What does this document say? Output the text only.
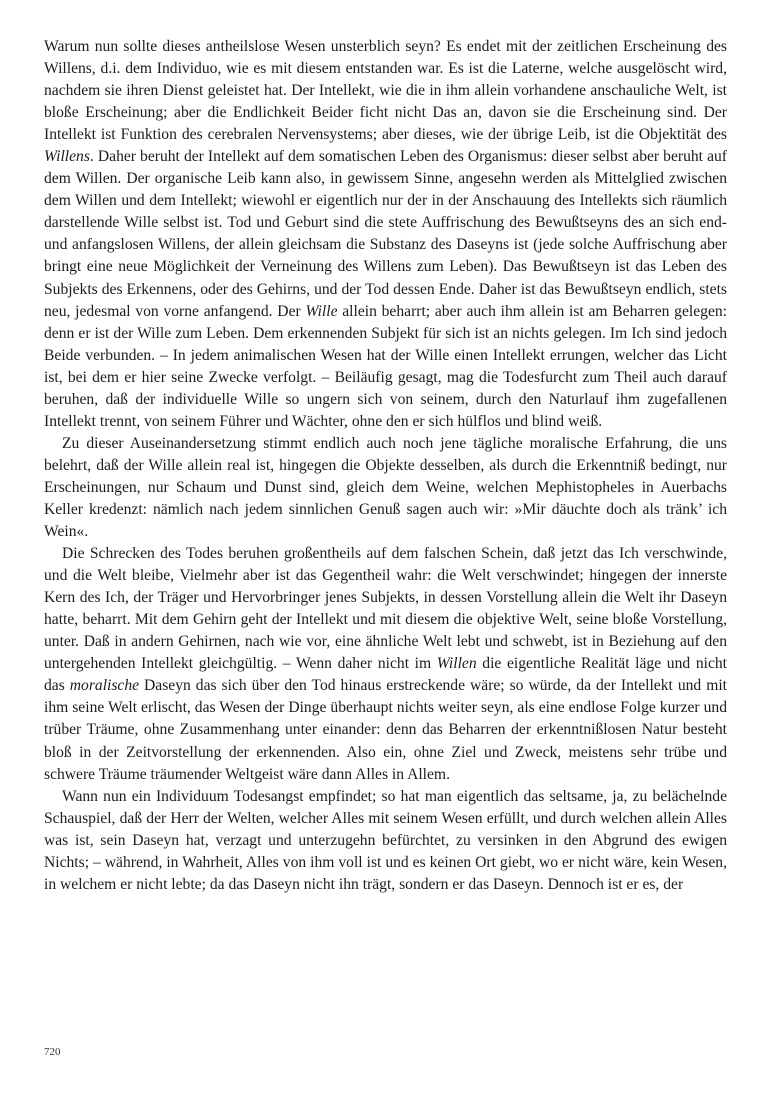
Warum nun sollte dieses antheilslose Wesen unsterblich seyn? Es endet mit der zeitlichen Erscheinung des Willens, d.i. dem Individuo, wie es mit diesem entstanden war. Es ist die Laterne, welche ausgelöscht wird, nachdem sie ihren Dienst geleistet hat. Der Intellekt, wie die in ihm allein vorhandene anschauliche Welt, ist bloße Erscheinung; aber die Endlichkeit Beider ficht nicht Das an, davon sie die Erscheinung sind. Der Intellekt ist Funktion des cerebralen Nervensystems; aber dieses, wie der übrige Leib, ist die Objektität des Willens. Daher beruht der Intellekt auf dem somatischen Leben des Organismus: dieser selbst aber beruht auf dem Willen. Der organische Leib kann also, in gewissem Sinne, angesehn werden als Mittelglied zwischen dem Willen und dem Intellekt; wiewohl er eigentlich nur der in der Anschauung des Intellekts sich räumlich darstellende Wille selbst ist. Tod und Geburt sind die stete Auffrischung des Bewußtseyns des an sich end- und anfangslosen Willens, der allein gleichsam die Substanz des Daseyns ist (jede solche Auffrischung aber bringt eine neue Möglichkeit der Verneinung des Willens zum Leben). Das Bewußtseyn ist das Leben des Subjekts des Erkennens, oder des Gehirns, und der Tod dessen Ende. Daher ist das Bewußtseyn endlich, stets neu, jedesmal von vorne anfangend. Der Wille allein beharrt; aber auch ihm allein ist am Beharren gelegen: denn er ist der Wille zum Leben. Dem erkennenden Subjekt für sich ist an nichts gelegen. Im Ich sind jedoch Beide verbunden. – In jedem animalischen Wesen hat der Wille einen Intellekt errungen, welcher das Licht ist, bei dem er hier seine Zwecke verfolgt. – Beiläufig gesagt, mag die Todesfurcht zum Theil auch darauf beruhen, daß der individuelle Wille so ungern sich von seinem, durch den Naturlauf ihm zugefallenen Intellekt trennt, von seinem Führer und Wächter, ohne den er sich hülflos und blind weiß.

Zu dieser Auseinandersetzung stimmt endlich auch noch jene tägliche moralische Erfahrung, die uns belehrt, daß der Wille allein real ist, hingegen die Objekte desselben, als durch die Erkenntniß bedingt, nur Erscheinungen, nur Schaum und Dunst sind, gleich dem Weine, welchen Mephistopheles in Auerbachs Keller kredenzt: nämlich nach jedem sinnlichen Genuß sagen auch wir: »Mir däuchte doch als tränk’ ich Wein«.

Die Schrecken des Todes beruhen großentheils auf dem falschen Schein, daß jetzt das Ich verschwinde, und die Welt bleibe, Vielmehr aber ist das Gegentheil wahr: die Welt verschwindet; hingegen der innerste Kern des Ich, der Träger und Hervorbringer jenes Subjekts, in dessen Vorstellung allein die Welt ihr Daseyn hatte, beharrt. Mit dem Gehirn geht der Intellekt und mit diesem die objektive Welt, seine bloße Vorstellung, unter. Daß in andern Gehirnen, nach wie vor, eine ähnliche Welt lebt und schwebt, ist in Beziehung auf den untergehenden Intellekt gleichgültig. – Wenn daher nicht im Willen die eigentliche Realität läge und nicht das moralische Daseyn das sich über den Tod hinaus erstreckende wäre; so würde, da der Intellekt und mit ihm seine Welt erlischt, das Wesen der Dinge überhaupt nichts weiter seyn, als eine endlose Folge kurzer und trüber Träume, ohne Zusammenhang unter einander: denn das Beharren der erkenntnißlosen Natur besteht bloß in der Zeitvorstellung der erkennenden. Also ein, ohne Ziel und Zweck, meistens sehr trübe und schwere Träume träumender Weltgeist wäre dann Alles in Allem.

Wann nun ein Individuum Todesangst empfindet; so hat man eigentlich das seltsame, ja, zu belächelnde Schauspiel, daß der Herr der Welten, welcher Alles mit seinem Wesen erfüllt, und durch welchen allein Alles was ist, sein Daseyn hat, verzagt und unterzugehn befürchtet, zu versinken in den Abgrund des ewigen Nichts; – während, in Wahrheit, Alles von ihm voll ist und es keinen Ort giebt, wo er nicht wäre, kein Wesen, in welchem er nicht lebte; da das Daseyn nicht ihn trägt, sondern er das Daseyn. Dennoch ist er es, der

720
